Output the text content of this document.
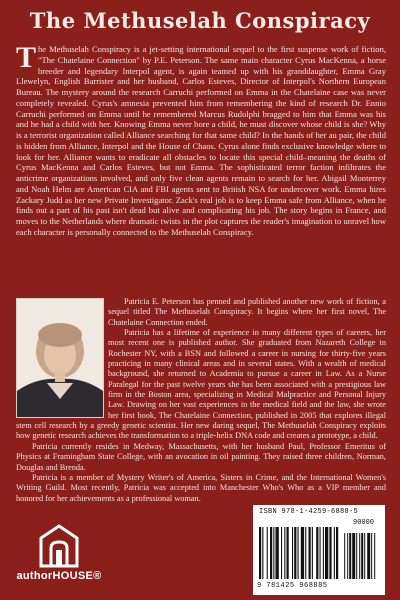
The Methuselah Conspiracy
The Methuselah Conspiracy is a jet-setting international sequel to the first suspense work of fiction, "The Chatelaine Connection" by P.E. Peterson. The same main character Cyrus MacKenna, a horse breeder and legendary Interpol agent, is again teamed up with his granddaughter, Emma Gray Llewelyn, English Barrister and her husband, Carlos Esteves, Director of Interpol's Northern European Bureau. The mystery around the research Carruchi performed on Emma in the Chatelaine case was never completely revealed. Cyrus's amnesia prevented him from remembering the kind of research Dr. Ennio Carruchi performed on Emma until he remembered Marcus Rudolphi bragged to him that Emma was his and he had a child with her. Knowing Emma never bore a child, he must discover whose child is she? Why is a terrorist organization called Alliance searching for that same child? In the hands of her au pair, the child is hidden from Alliance, Interpol and the House of Chaos. Cyrus alone finds exclusive knowledge where to look for her. Alliance wants to eradicate all obstacles to locate this special child–meaning the deaths of Cyrus MacKenna and Carlos Esteves, but not Emma. The sophisticated terror faction infiltrates the anticrime organizations involved, and only five clean agents remain to search for her. Abigail Monterrey and Noah Helm are American CIA and FBI agents sent to British NSA for undercover work. Emma hires Zackary Judd as her new Private Investigator. Zack's real job is to keep Emma safe from Alliance, when he finds out a part of his past isn't dead but alive and complicating his job. The story begins in France, and moves to the Netherlands where dramatic twists in the plot captures the reader's imagination to unravel how each character is personally connected to the Methuselah Conspiracy.

Patricia E. Peterson has penned and published another new work of fiction, a sequel titled The Methuselah Conspiracy. It begins where her first novel, The Chatelaine Connection ended.

Patricia has a lifetime of experience in many different types of careers, her most recent one is published author. She graduated from Nazareth College in Rochester NY, with a BSN and followed a career in nursing for thirty-five years practicing in many clinical areas and in several states. With a wealth of medical background, she returned to Academia to pursue a career in Law. As a Nurse Paralegal for the past twelve years she has been associated with a prestigious law firm in the Boston area, specializing in Medical Malpractice and Personal Injury Law. Drawing on her vast experiences in the medical field and the law, she wrote her first book, The Chatelaine Connection, published in 2005 that explores illegal stem cell research by a greedy genetic scientist. Her new daring sequel, The Methuselah Conspiracy exploits how genetic research achieves the transformation to a triple-helix DNA code and creates a prototype, a child.

Patricia currently resides in Medway, Massachusetts, with her husband Paul, Professor Emeritus of Physics at Framingham State College, with an avocation in oil painting. They raised three children, Norman, Douglas and Brenda.

Patricia is a member of Mystery Writer's of America, Sisters in Crime, and the International Women's Writing Guild. Most recently, Patricia was accepted into Manchester Who's Who as a VIP member and honored for her achievements as a professional woman.

authorHOUSE®
ISBN 978-1-4259-6888-5
90000
9 781425 968885
